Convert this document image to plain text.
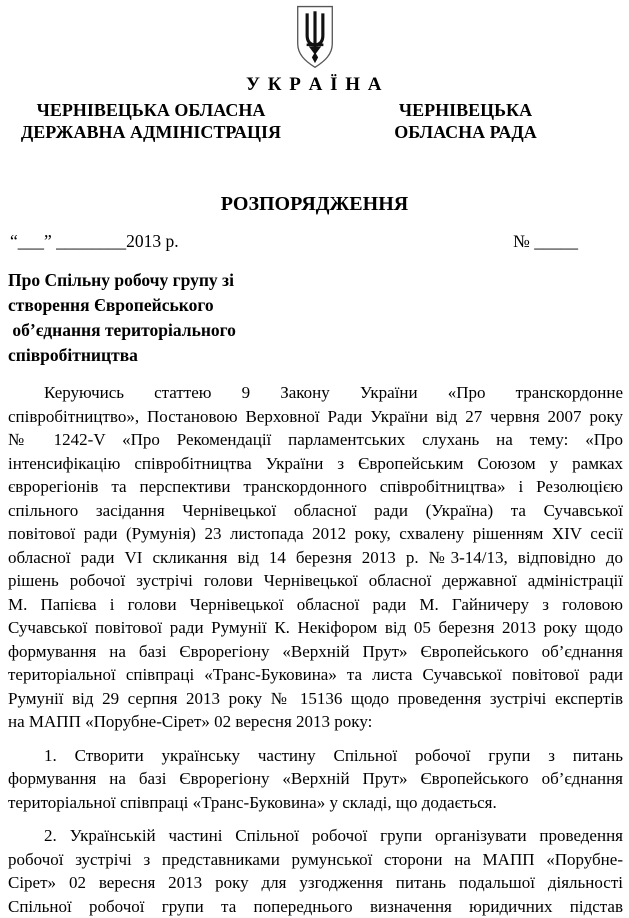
У К Р А Ї Н А
ЧЕРНІВЕЦЬКА ОБЛАСНА
ДЕРЖАВНА АДМІНІСТРАЦІЯ
ЧЕРНІВЕЦЬКА
ОБЛАСНА РАДА
РОЗПОРЯДЖЕННЯ
“___” ________2013 р.	№ _____
Про Спільну робочу групу зі
створення Європейського
об’єднання територіального
співробітництва
Керуючись статтею 9 Закону України «Про транскордонне
співробітництво», Постановою Верховної Ради України від 27 червня 2007 року
№ 1242-V «Про Рекомендації парламентських слухань на тему: «Про
інтенсифікацію співробітництва України з Європейським Союзом у рамках
єврорегіонів та перспективи транскордонного співробітництва» і Резолюцією
спільного засідання Чернівецької обласної ради (Україна) та Сучавської
повітової ради (Румунія) 23 листопада 2012 року, схвалену рішенням XIV сесії
обласної ради VI скликання від 14 березня 2013 р. №3-14/13, відповідно до
рішень робочої зустрічі голови Чернівецької обласної державної адміністрації
М. Папієва і голови Чернівецької обласної ради М. Гайничеру з головою
Сучавської повітової ради Румунії К. Некіфором від 05 березня 2013 року щодо
формування на базі Єврорегіону «Верхній Прут» Європейського об’єднання
територіальної співпраці «Транс-Буковина» та листа Сучавської повітової ради
Румунії від 29 серпня 2013 року № 15136 щодо проведення зустрічі експертів
на МАПП «Порубне-Сірет» 02 вересня 2013 року:
1. Створити українську частину Спільної робочої групи з питань
формування на базі Єврорегіону «Верхній Прут» Європейського об’єднання
територіальної співпраці «Транс-Буковина» у складі, що додається.
2. Українській частині Спільної робочої групи організувати проведення
робочої зустрічі з представниками румунської сторони на МАПП «Порубне-
Сірет» 02 вересня 2013 року для узгодження питань подальшої діяльності
Спільної робочої групи та попереднього визначення юридичних підстав
